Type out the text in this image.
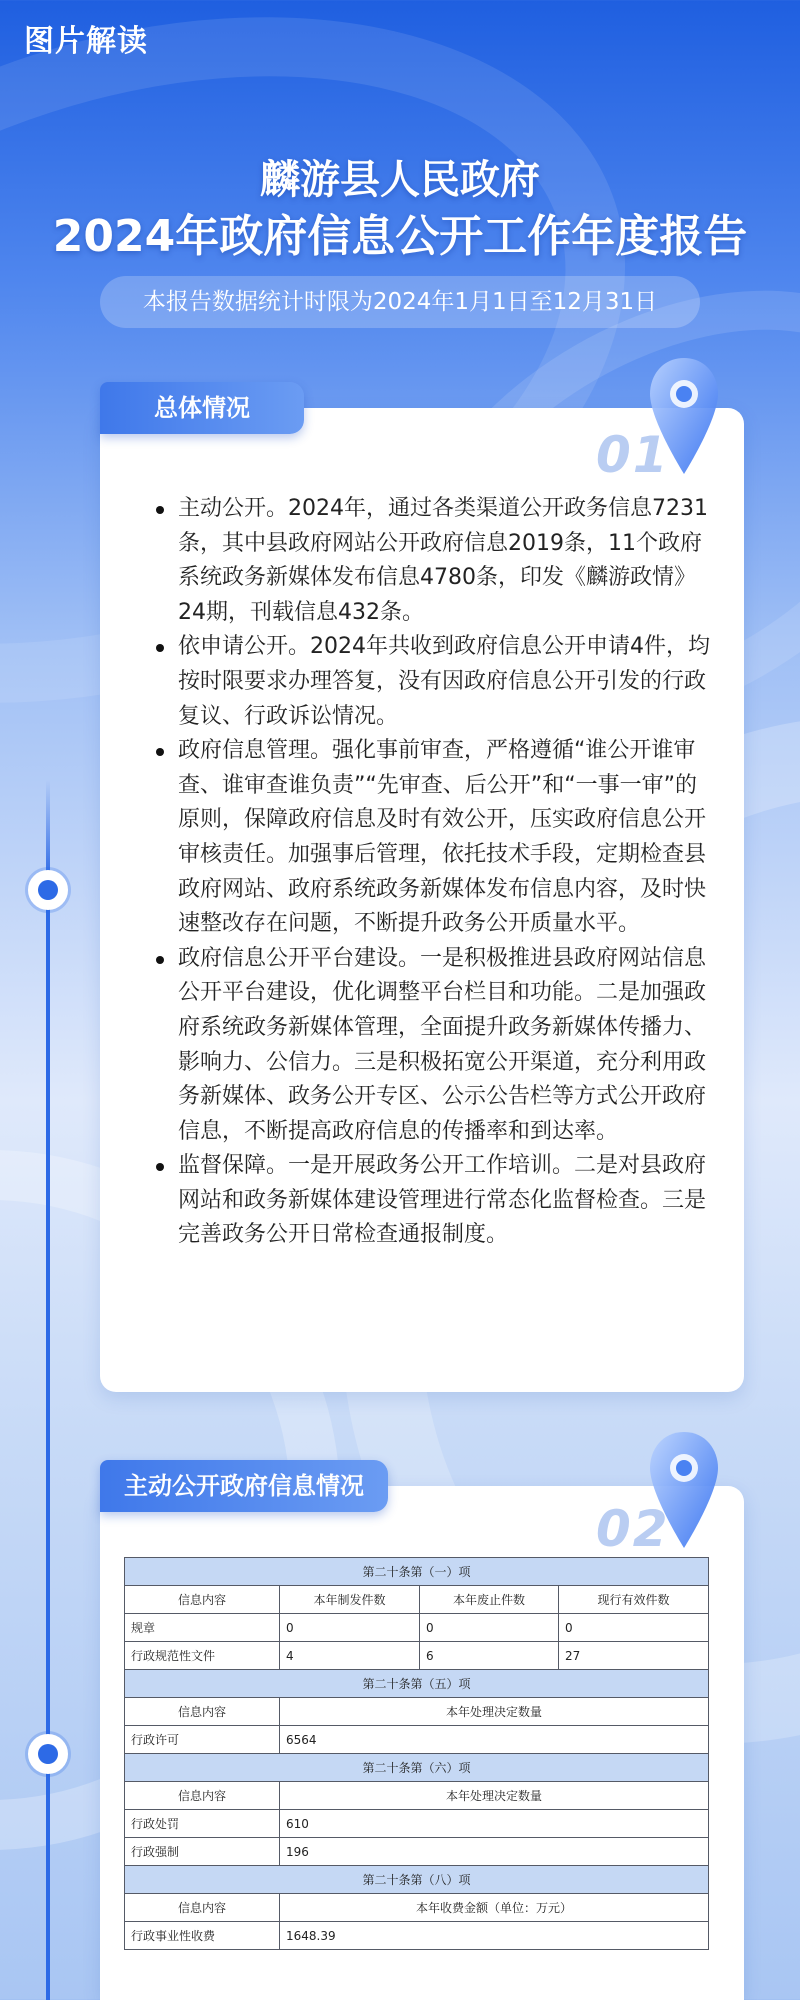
图片解读
麟游县人民政府
2024年政府信息公开工作年度报告
本报告数据统计时限为2024年1月1日至12月31日
总体情况
01
主动公开。2024年，通过各类渠道公开政务信息7231条，其中县政府网站公开政府信息2019条，11个政府系统政务新媒体发布信息4780条，印发《麟游政情》24期，刊载信息432条。
依申请公开。2024年共收到政府信息公开申请4件，均按时限要求办理答复，没有因政府信息公开引发的行政复议、行政诉讼情况。
政府信息管理。强化事前审查，严格遵循“谁公开谁审查、谁审查谁负责”“先审查、后公开”和“一事一审”的原则，保障政府信息及时有效公开，压实政府信息公开审核责任。加强事后管理，依托技术手段，定期检查县政府网站、政府系统政务新媒体发布信息内容，及时快速整改存在问题，不断提升政务公开质量水平。
政府信息公开平台建设。一是积极推进县政府网站信息公开平台建设，优化调整平台栏目和功能。二是加强政府系统政务新媒体管理，全面提升政务新媒体传播力、影响力、公信力。三是积极拓宽公开渠道，充分利用政务新媒体、政务公开专区、公示公告栏等方式公开政府信息，不断提高政府信息的传播率和到达率。
监督保障。一是开展政务公开工作培训。二是对县政府网站和政务新媒体建设管理进行常态化监督检查。三是完善政务公开日常检查通报制度。
主动公开政府信息情况
02
第二十条第（一）项			
信息内容	本年制发件数	本年废止件数	现行有效件数
规章	0	0	0
行政规范性文件	4	6	27
第二十条第（五）项			
信息内容	本年处理决定数量		
行政许可	6564		
第二十条第（六）项			
信息内容	本年处理决定数量		
行政处罚	610		
行政强制	196		
第二十条第（八）项			
信息内容	本年收费金额（单位：万元）		
行政事业性收费	1648.39		
